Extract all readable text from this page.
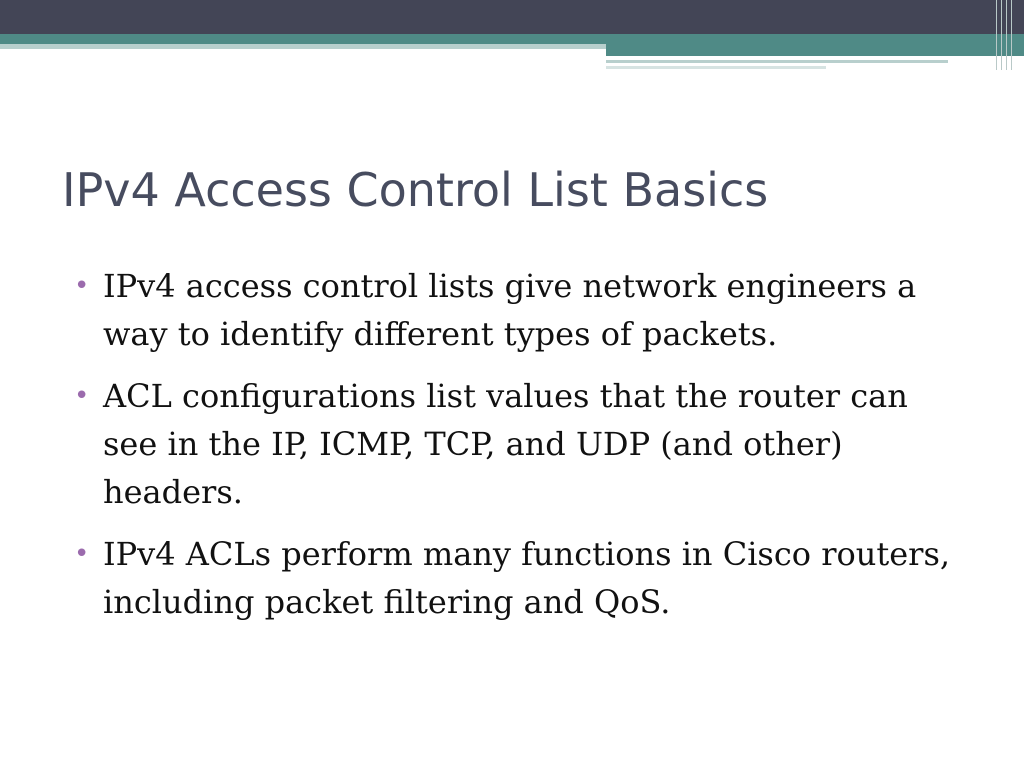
IPv4 Access Control List Basics
• IPv4 access control lists give network engineers a way to identify different types of packets.
• ACL configurations list values that the router can see in the IP, ICMP, TCP, and UDP (and other) headers.
• IPv4 ACLs perform many functions in Cisco routers, including packet filtering and QoS.
